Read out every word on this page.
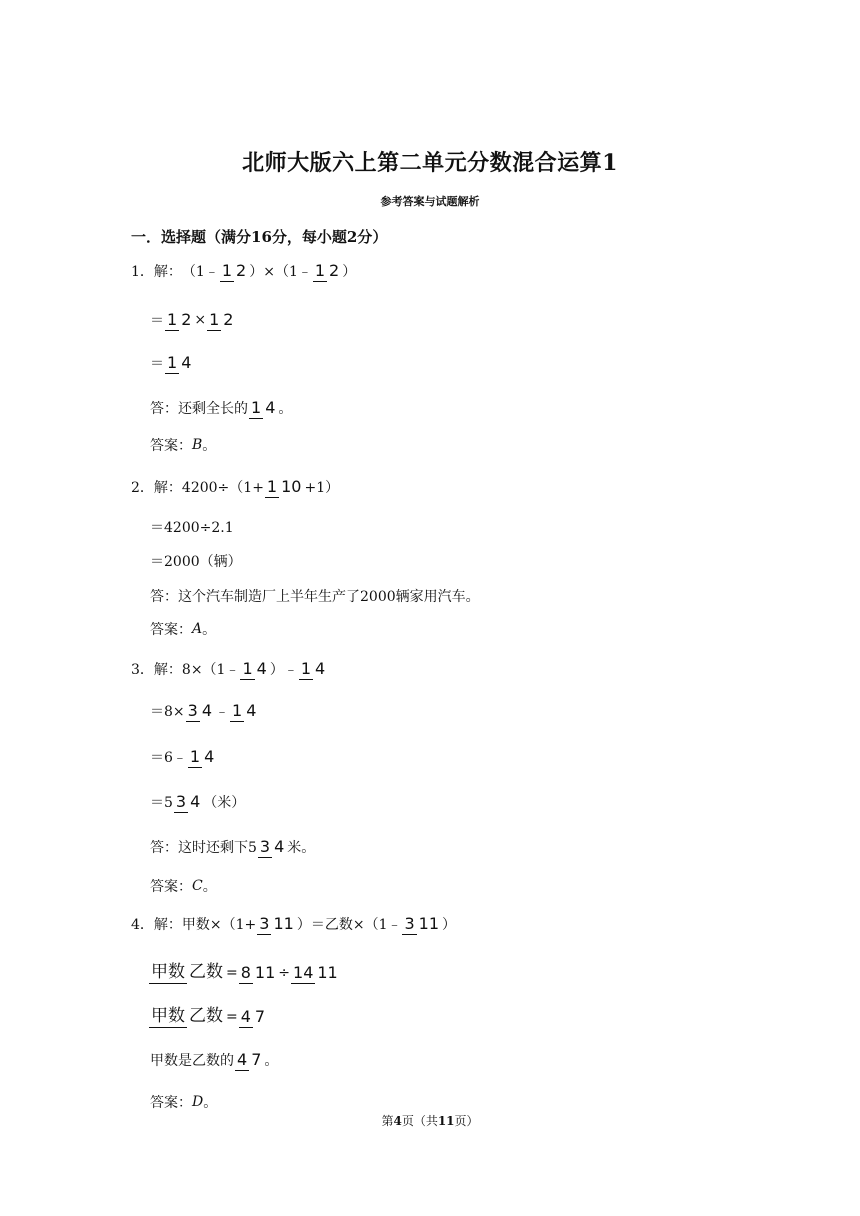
北师大版六上第二单元分数混合运算1
参考答案与试题解析
一．选择题（满分16分，每小题2分）
1． 解： （1﹣ 1 2 ）×（1﹣ 1 2 ）
＝ 1 2 × 1 2
＝ 1 4
答：还剩全长的 1 4 。
答案： B 。
2． 解： 4200÷（1+ 1 10 +1）
＝4200÷2.1
＝2000（辆）
答：这个汽车制造厂上半年生产了2000辆家用汽车。
答案： A 。
3． 解： 8×（1﹣ 1 4 ）﹣ 1 4
＝8× 3 4 ﹣ 1 4
＝6﹣ 1 4
＝5 3 4 （米）
答：这时还剩下5 3 4 米。
答案： C 。
4． 解： 甲数×（1+ 3 11 ）＝乙数×（1﹣ 3 11 ）
甲数 乙数 = 8 11 ÷ 14 11
甲数 乙数 = 4 7
甲数是乙数的 4 7 。
答案： D 。
第4页（共11页）
